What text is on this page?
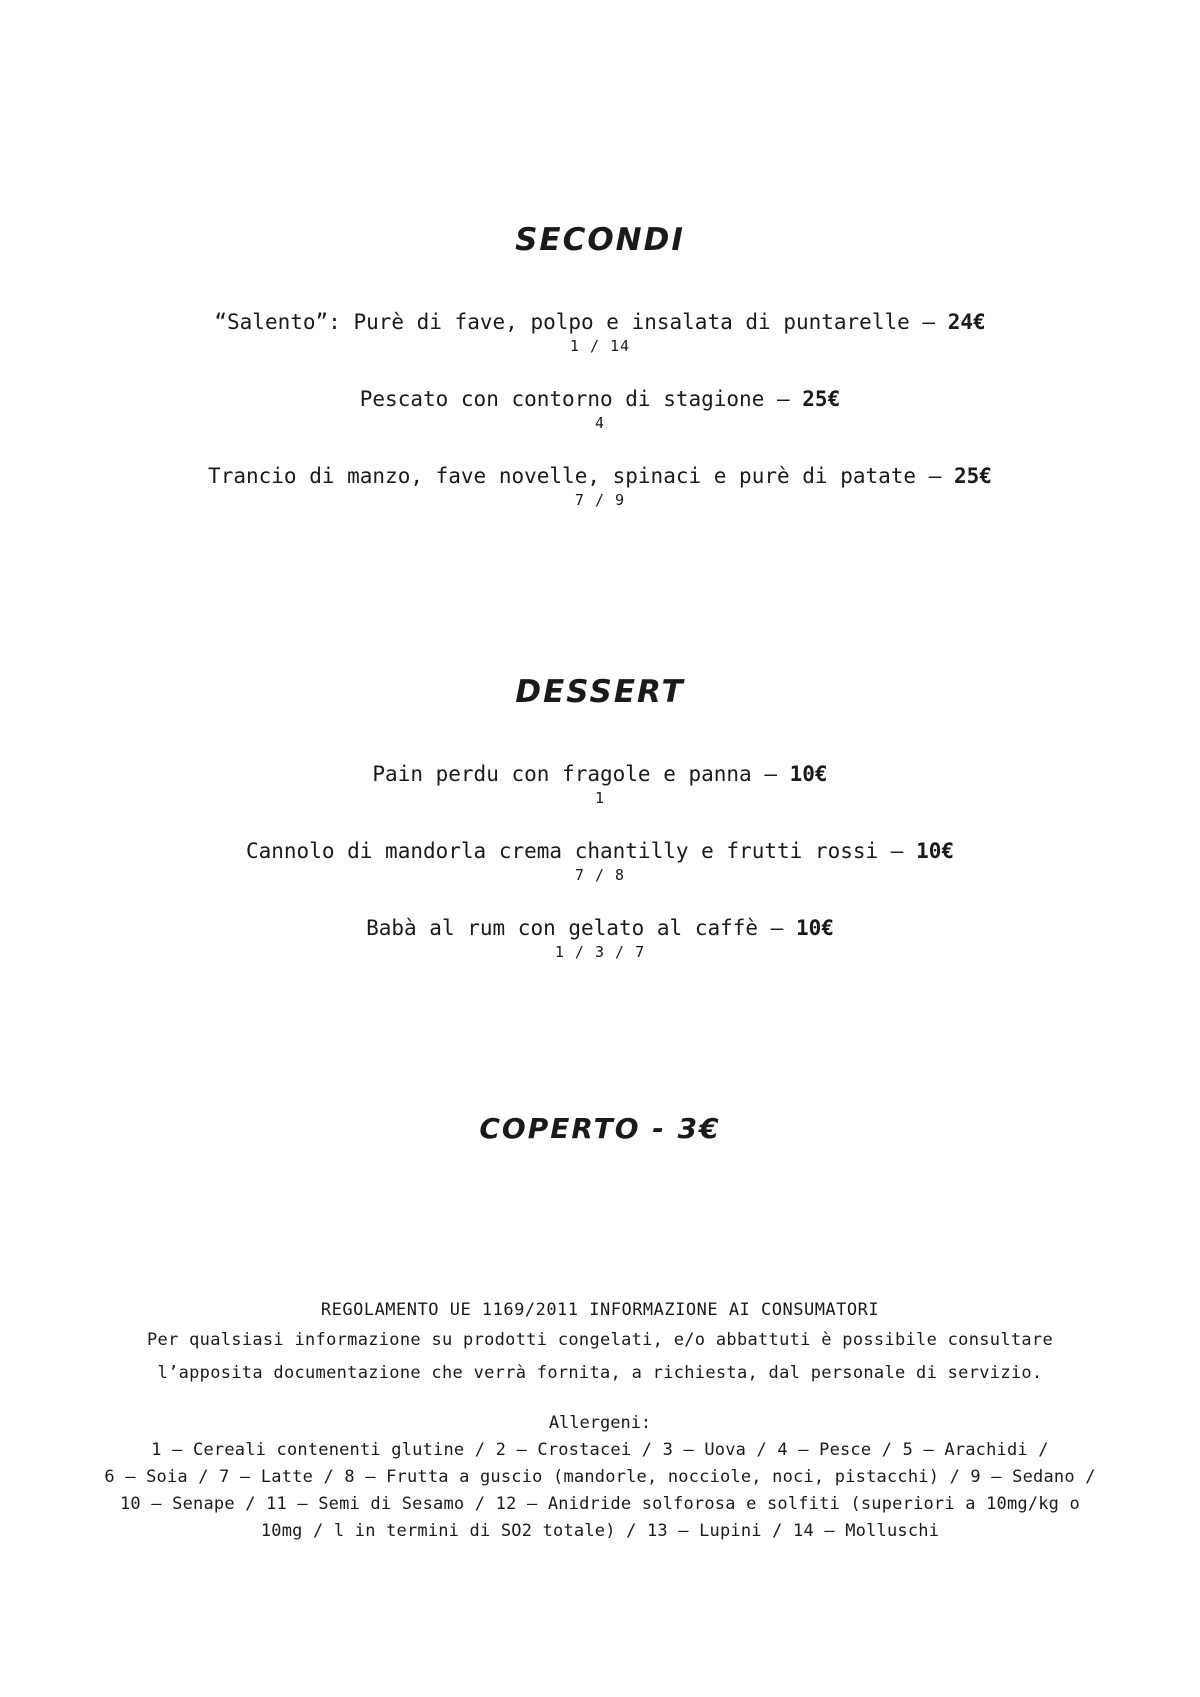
SECONDI
“Salento”: Purè di fave, polpo e insalata di puntarelle – 24€
1 / 14
Pescato con contorno di stagione – 25€
4
Trancio di manzo, fave novelle, spinaci e purè di patate – 25€
7 / 9
DESSERT
Pain perdu con fragole e panna – 10€
1
Cannolo di mandorla crema chantilly e frutti rossi – 10€
7 / 8
Babà al rum con gelato al caffè – 10€
1 / 3 / 7
COPERTO - 3€
REGOLAMENTO UE 1169/2011 INFORMAZIONE AI CONSUMATORI
Per qualsiasi informazione su prodotti congelati, e/o abbattuti è possibile consultare
l’apposita documentazione che verrà fornita, a richiesta, dal personale di servizio.
Allergeni:
1 – Cereali contenenti glutine / 2 – Crostacei / 3 – Uova / 4 – Pesce / 5 – Arachidi /
6 – Soia / 7 – Latte / 8 – Frutta a guscio (mandorle, nocciole, noci, pistacchi) / 9 – Sedano /
10 – Senape / 11 – Semi di Sesamo / 12 – Anidride solforosa e solfiti (superiori a 10mg/kg o
10mg / l in termini di SO2 totale) / 13 – Lupini / 14 – Molluschi
